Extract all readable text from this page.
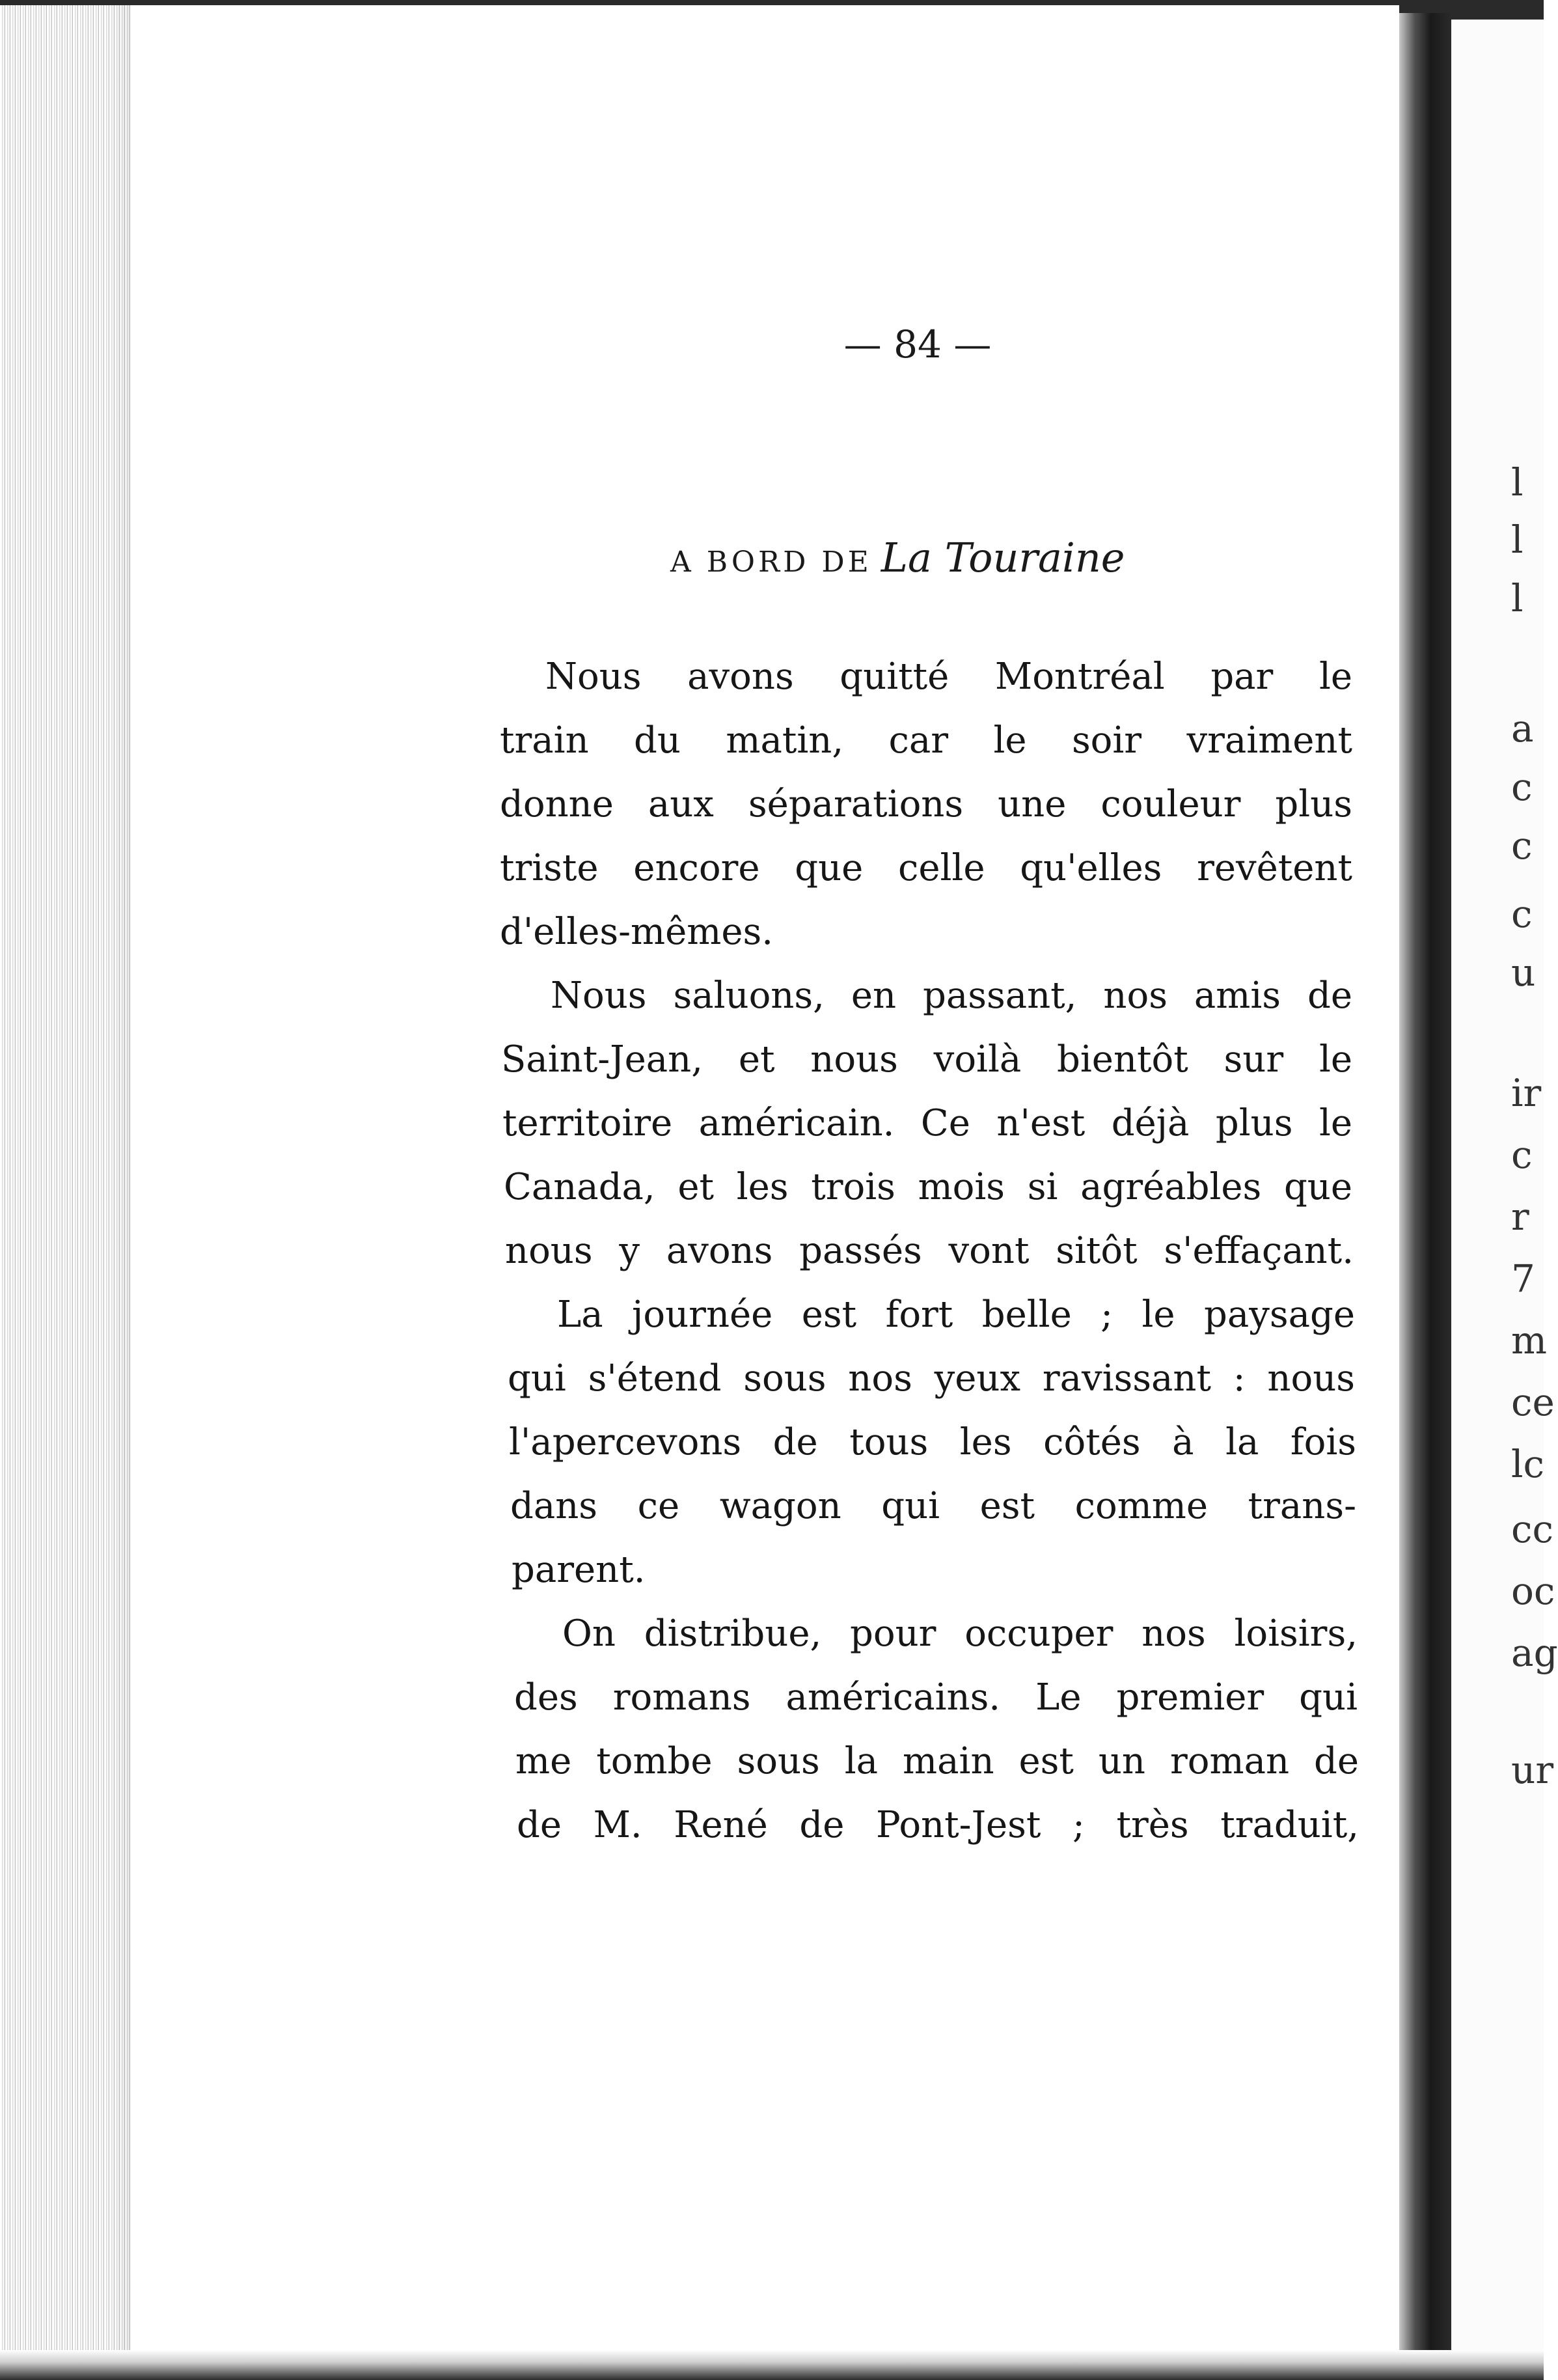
l
l
l
a
c
c
c
u
ir
c
r
7
m
ce
lc
cc
oc
ag
ur
— 84 —
A BORD DE La Touraine
Nous avons quitté Montréal par le
train du matin, car le soir vraiment
donne aux séparations une couleur plus
triste encore que celle qu'elles revêtent
d'elles-mêmes.
Nous saluons, en passant, nos amis de
Saint-Jean, et nous voilà bientôt sur le
territoire américain. Ce n'est déjà plus le
Canada, et les trois mois si agréables que
nous y avons passés vont sitôt s'effaçant.
La journée est fort belle ; le paysage
qui s'étend sous nos yeux ravissant : nous
l'apercevons de tous les côtés à la fois
dans ce wagon qui est comme trans-
parent.
On distribue, pour occuper nos loisirs,
des romans américains. Le premier qui
me tombe sous la main est un roman de
de M. René de Pont-Jest ; très traduit,
